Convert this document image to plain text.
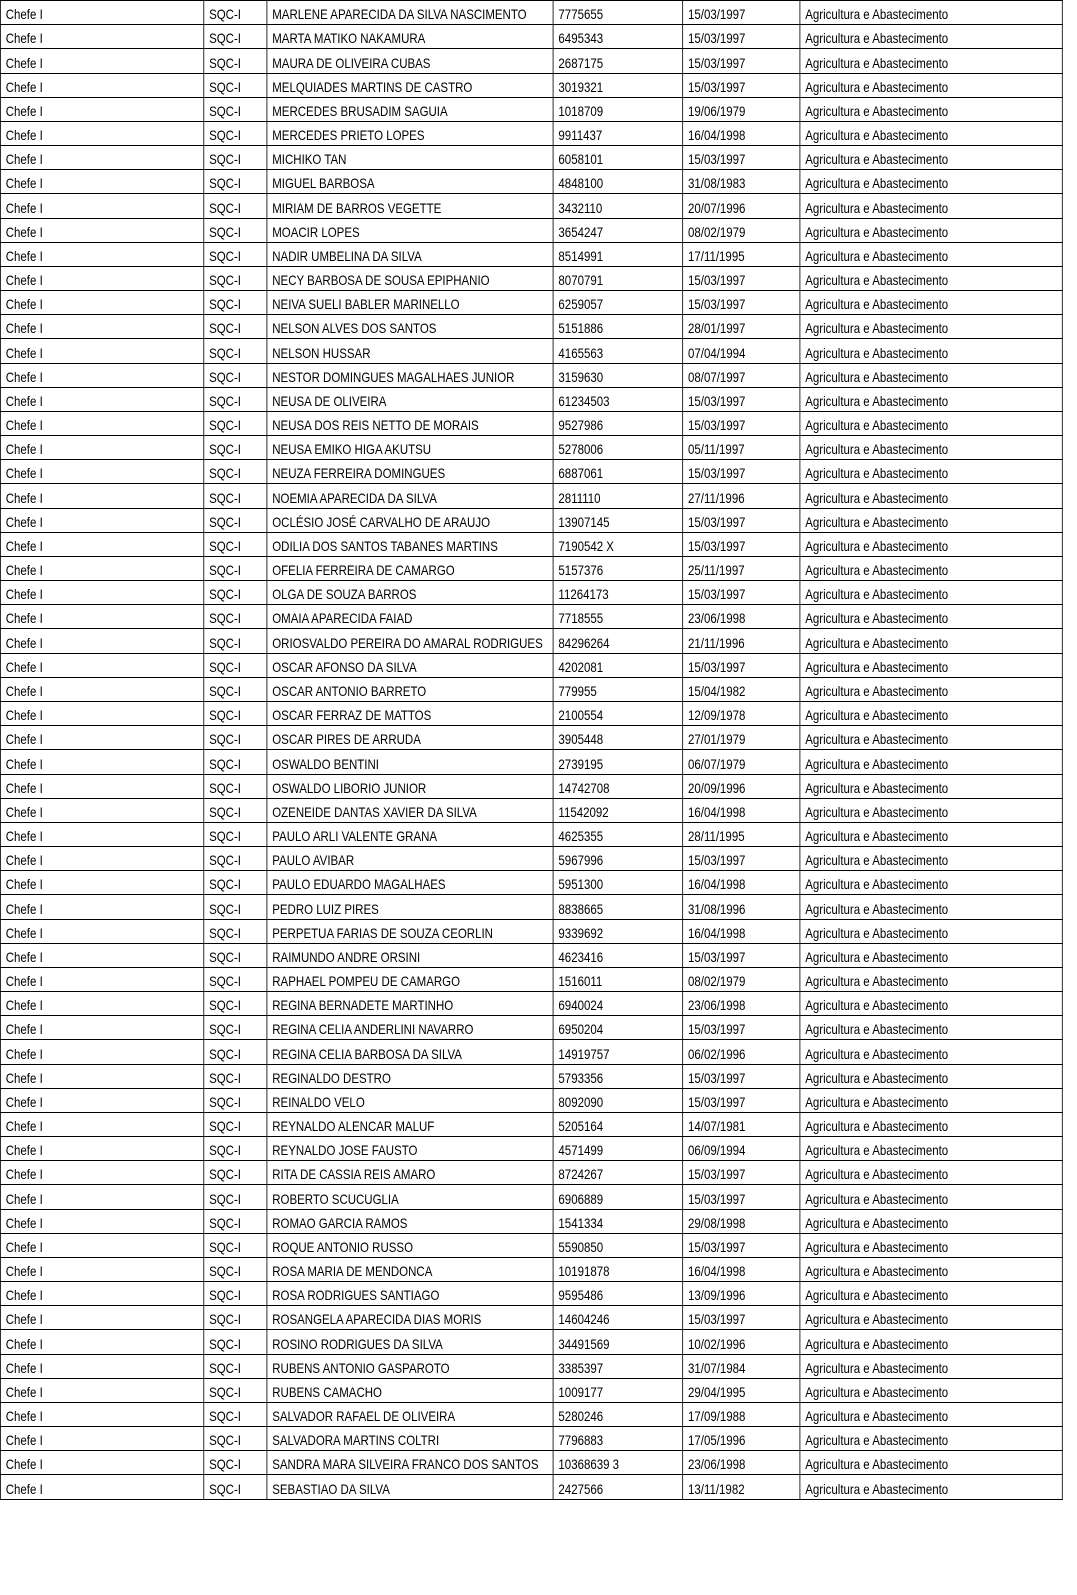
Chefe I	SQC-I	MARLENE APARECIDA DA SILVA NASCIMENTO	7775655	15/03/1997	Agricultura e Abastecimento
Chefe I	SQC-I	MARTA MATIKO NAKAMURA	6495343	15/03/1997	Agricultura e Abastecimento
Chefe I	SQC-I	MAURA DE OLIVEIRA CUBAS	2687175	15/03/1997	Agricultura e Abastecimento
Chefe I	SQC-I	MELQUIADES MARTINS DE CASTRO	3019321	15/03/1997	Agricultura e Abastecimento
Chefe I	SQC-I	MERCEDES BRUSADIM SAGUIA	1018709	19/06/1979	Agricultura e Abastecimento
Chefe I	SQC-I	MERCEDES PRIETO LOPES	9911437	16/04/1998	Agricultura e Abastecimento
Chefe I	SQC-I	MICHIKO TAN	6058101	15/03/1997	Agricultura e Abastecimento
Chefe I	SQC-I	MIGUEL BARBOSA	4848100	31/08/1983	Agricultura e Abastecimento
Chefe I	SQC-I	MIRIAM DE BARROS VEGETTE	3432110	20/07/1996	Agricultura e Abastecimento
Chefe I	SQC-I	MOACIR LOPES	3654247	08/02/1979	Agricultura e Abastecimento
Chefe I	SQC-I	NADIR UMBELINA DA SILVA	8514991	17/11/1995	Agricultura e Abastecimento
Chefe I	SQC-I	NECY BARBOSA DE SOUSA EPIPHANIO	8070791	15/03/1997	Agricultura e Abastecimento
Chefe I	SQC-I	NEIVA SUELI BABLER MARINELLO	6259057	15/03/1997	Agricultura e Abastecimento
Chefe I	SQC-I	NELSON ALVES DOS SANTOS	5151886	28/01/1997	Agricultura e Abastecimento
Chefe I	SQC-I	NELSON HUSSAR	4165563	07/04/1994	Agricultura e Abastecimento
Chefe I	SQC-I	NESTOR DOMINGUES MAGALHAES JUNIOR	3159630	08/07/1997	Agricultura e Abastecimento
Chefe I	SQC-I	NEUSA DE OLIVEIRA	61234503	15/03/1997	Agricultura e Abastecimento
Chefe I	SQC-I	NEUSA DOS REIS NETTO DE MORAIS	9527986	15/03/1997	Agricultura e Abastecimento
Chefe I	SQC-I	NEUSA EMIKO HIGA AKUTSU	5278006	05/11/1997	Agricultura e Abastecimento
Chefe I	SQC-I	NEUZA FERREIRA DOMINGUES	6887061	15/03/1997	Agricultura e Abastecimento
Chefe I	SQC-I	NOEMIA APARECIDA DA SILVA	2811110	27/11/1996	Agricultura e Abastecimento
Chefe I	SQC-I	OCLÉSIO JOSÉ CARVALHO DE ARAUJO	13907145	15/03/1997	Agricultura e Abastecimento
Chefe I	SQC-I	ODILIA DOS SANTOS TABANES MARTINS	7190542 X	15/03/1997	Agricultura e Abastecimento
Chefe I	SQC-I	OFELIA FERREIRA DE CAMARGO	5157376	25/11/1997	Agricultura e Abastecimento
Chefe I	SQC-I	OLGA DE SOUZA BARROS	11264173	15/03/1997	Agricultura e Abastecimento
Chefe I	SQC-I	OMAIA APARECIDA FAIAD	7718555	23/06/1998	Agricultura e Abastecimento
Chefe I	SQC-I	ORIOSVALDO PEREIRA DO AMARAL RODRIGUES	84296264	21/11/1996	Agricultura e Abastecimento
Chefe I	SQC-I	OSCAR AFONSO DA SILVA	4202081	15/03/1997	Agricultura e Abastecimento
Chefe I	SQC-I	OSCAR ANTONIO BARRETO	779955	15/04/1982	Agricultura e Abastecimento
Chefe I	SQC-I	OSCAR FERRAZ DE MATTOS	2100554	12/09/1978	Agricultura e Abastecimento
Chefe I	SQC-I	OSCAR PIRES DE ARRUDA	3905448	27/01/1979	Agricultura e Abastecimento
Chefe I	SQC-I	OSWALDO BENTINI	2739195	06/07/1979	Agricultura e Abastecimento
Chefe I	SQC-I	OSWALDO LIBORIO JUNIOR	14742708	20/09/1996	Agricultura e Abastecimento
Chefe I	SQC-I	OZENEIDE DANTAS XAVIER DA SILVA	11542092	16/04/1998	Agricultura e Abastecimento
Chefe I	SQC-I	PAULO ARLI VALENTE GRANA	4625355	28/11/1995	Agricultura e Abastecimento
Chefe I	SQC-I	PAULO AVIBAR	5967996	15/03/1997	Agricultura e Abastecimento
Chefe I	SQC-I	PAULO EDUARDO MAGALHAES	5951300	16/04/1998	Agricultura e Abastecimento
Chefe I	SQC-I	PEDRO LUIZ PIRES	8838665	31/08/1996	Agricultura e Abastecimento
Chefe I	SQC-I	PERPETUA FARIAS DE SOUZA CEORLIN	9339692	16/04/1998	Agricultura e Abastecimento
Chefe I	SQC-I	RAIMUNDO ANDRE ORSINI	4623416	15/03/1997	Agricultura e Abastecimento
Chefe I	SQC-I	RAPHAEL POMPEU DE CAMARGO	1516011	08/02/1979	Agricultura e Abastecimento
Chefe I	SQC-I	REGINA BERNADETE MARTINHO	6940024	23/06/1998	Agricultura e Abastecimento
Chefe I	SQC-I	REGINA CELIA ANDERLINI NAVARRO	6950204	15/03/1997	Agricultura e Abastecimento
Chefe I	SQC-I	REGINA CELIA BARBOSA DA SILVA	14919757	06/02/1996	Agricultura e Abastecimento
Chefe I	SQC-I	REGINALDO DESTRO	5793356	15/03/1997	Agricultura e Abastecimento
Chefe I	SQC-I	REINALDO VELO	8092090	15/03/1997	Agricultura e Abastecimento
Chefe I	SQC-I	REYNALDO ALENCAR MALUF	5205164	14/07/1981	Agricultura e Abastecimento
Chefe I	SQC-I	REYNALDO JOSE FAUSTO	4571499	06/09/1994	Agricultura e Abastecimento
Chefe I	SQC-I	RITA DE CASSIA REIS AMARO	8724267	15/03/1997	Agricultura e Abastecimento
Chefe I	SQC-I	ROBERTO SCUCUGLIA	6906889	15/03/1997	Agricultura e Abastecimento
Chefe I	SQC-I	ROMAO GARCIA RAMOS	1541334	29/08/1998	Agricultura e Abastecimento
Chefe I	SQC-I	ROQUE ANTONIO RUSSO	5590850	15/03/1997	Agricultura e Abastecimento
Chefe I	SQC-I	ROSA MARIA DE MENDONCA	10191878	16/04/1998	Agricultura e Abastecimento
Chefe I	SQC-I	ROSA RODRIGUES SANTIAGO	9595486	13/09/1996	Agricultura e Abastecimento
Chefe I	SQC-I	ROSANGELA APARECIDA DIAS MORIS	14604246	15/03/1997	Agricultura e Abastecimento
Chefe I	SQC-I	ROSINO RODRIGUES DA SILVA	34491569	10/02/1996	Agricultura e Abastecimento
Chefe I	SQC-I	RUBENS ANTONIO GASPAROTO	3385397	31/07/1984	Agricultura e Abastecimento
Chefe I	SQC-I	RUBENS CAMACHO	1009177	29/04/1995	Agricultura e Abastecimento
Chefe I	SQC-I	SALVADOR RAFAEL DE OLIVEIRA	5280246	17/09/1988	Agricultura e Abastecimento
Chefe I	SQC-I	SALVADORA MARTINS COLTRI	7796883	17/05/1996	Agricultura e Abastecimento
Chefe I	SQC-I	SANDRA MARA SILVEIRA FRANCO DOS SANTOS	10368639 3	23/06/1998	Agricultura e Abastecimento
Chefe I	SQC-I	SEBASTIAO DA SILVA	2427566	13/11/1982	Agricultura e Abastecimento
